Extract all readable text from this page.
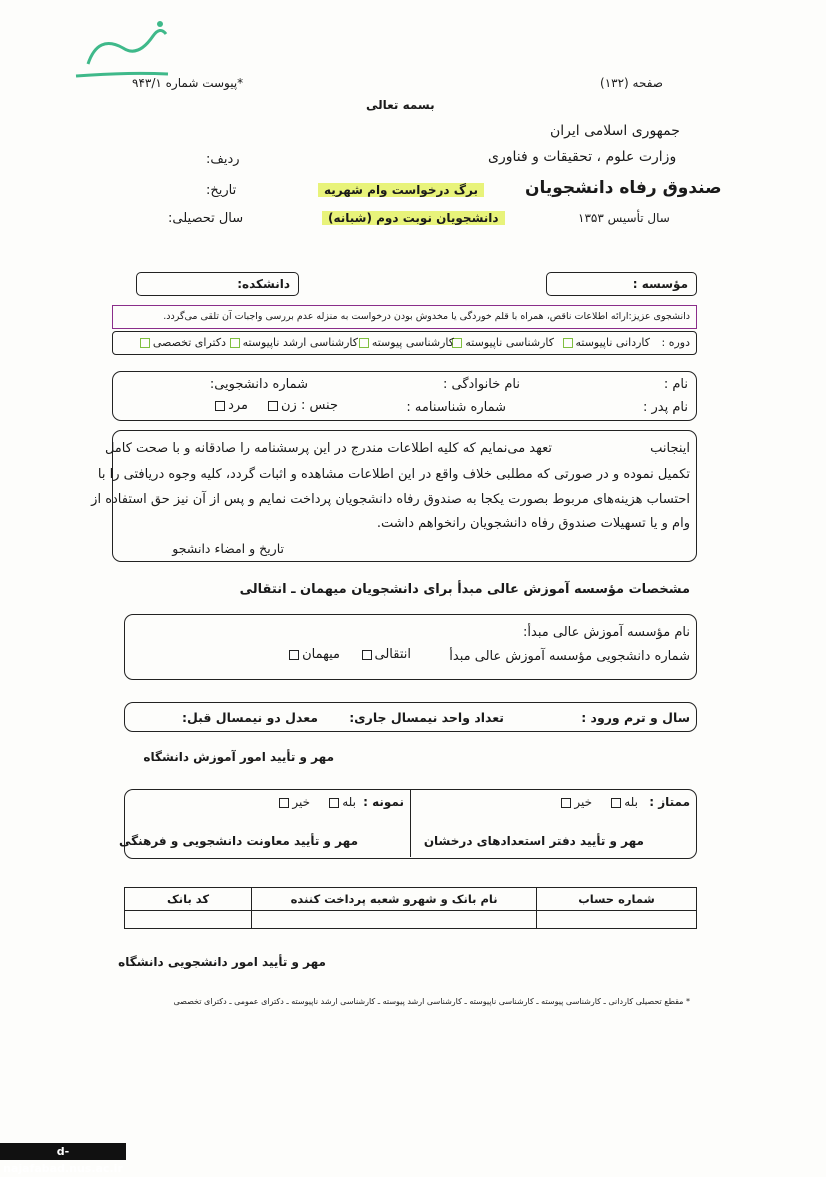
*پیوست شماره ۹۴۳/۱	صفحه (۱۳۲)
بسمه تعالی
جمهوری اسلامی ایران
وزارت علوم ، تحقیقات و فناوری
صندوق رفاه دانشجویان
سال تأسیس ۱۳۵۳
برگ درخواست وام شهریه
دانشجویان نوبت دوم (شبانه)
ردیف:
تاریخ:
سال تحصیلی:
مؤسسه :
دانشکده:
دانشجوی عزیز:ارائه اطلاعات ناقص، همراه با قلم خوردگی یا مخدوش بودن درخواست به منزله عدم بررسی واجبات آن تلقی می‌گردد.
دوره :
کاردانی ناپیوسته
کارشناسی ناپیوسته
کارشناسی پیوسته
کارشناسی ارشد ناپیوسته
دکترای تخصصی
نام :
نام خانوادگی :
شماره دانشجویی:
نام پدر :
شماره شناسنامه :
جنس : زن
مرد
اینجانب
تعهد می‌نمایم که کلیه اطلاعات مندرج در این پرسشنامه را صادقانه و با صحت کامل
تکمیل نموده و در صورتی که مطلبی خلاف واقع در این اطلاعات مشاهده و اثبات گردد، کلیه وجوه دریافتی را با
احتساب هزینه‌های مربوط بصورت یکجا به صندوق رفاه دانشجویان پرداخت نمایم و پس از آن نیز حق استفاده از
وام و یا تسهیلات صندوق رفاه دانشجویان رانخواهم داشت.
تاریخ و امضاء دانشجو
مشخصات مؤسسه آموزش عالی مبدأ برای دانشجویان میهمان ـ انتقالی
نام مؤسسه آموزش عالی مبدأ:
شماره دانشجویی مؤسسه آموزش عالی مبدأ
انتقالی
میهمان
سال و ترم ورود :
تعداد واحد نیمسال جاری:
معدل دو نیمسال قبل:
مهر و تأیید امور آموزش دانشگاه
ممتاز :
بله
خیر
مهر و تأیید دفتر استعدادهای درخشان
نمونه :
بله
خیر
مهر و تأیید معاونت دانشجویی و فرهنگی
شماره حساب	نام بانک و شهرو شعبه پرداخت کننده	کد بانک

مهر و تأیید امور دانشجویی دانشگاه
* مقطع تحصیلی کاردانی ـ کارشناسی پیوسته ـ کارشناسی ناپیوسته ـ کارشناسی ارشد پیوسته ـ کارشناسی ارشد ناپیوسته ـ دکترای عمومی ـ دکترای تخصصی
d-najafabad.nus.ac.ir
